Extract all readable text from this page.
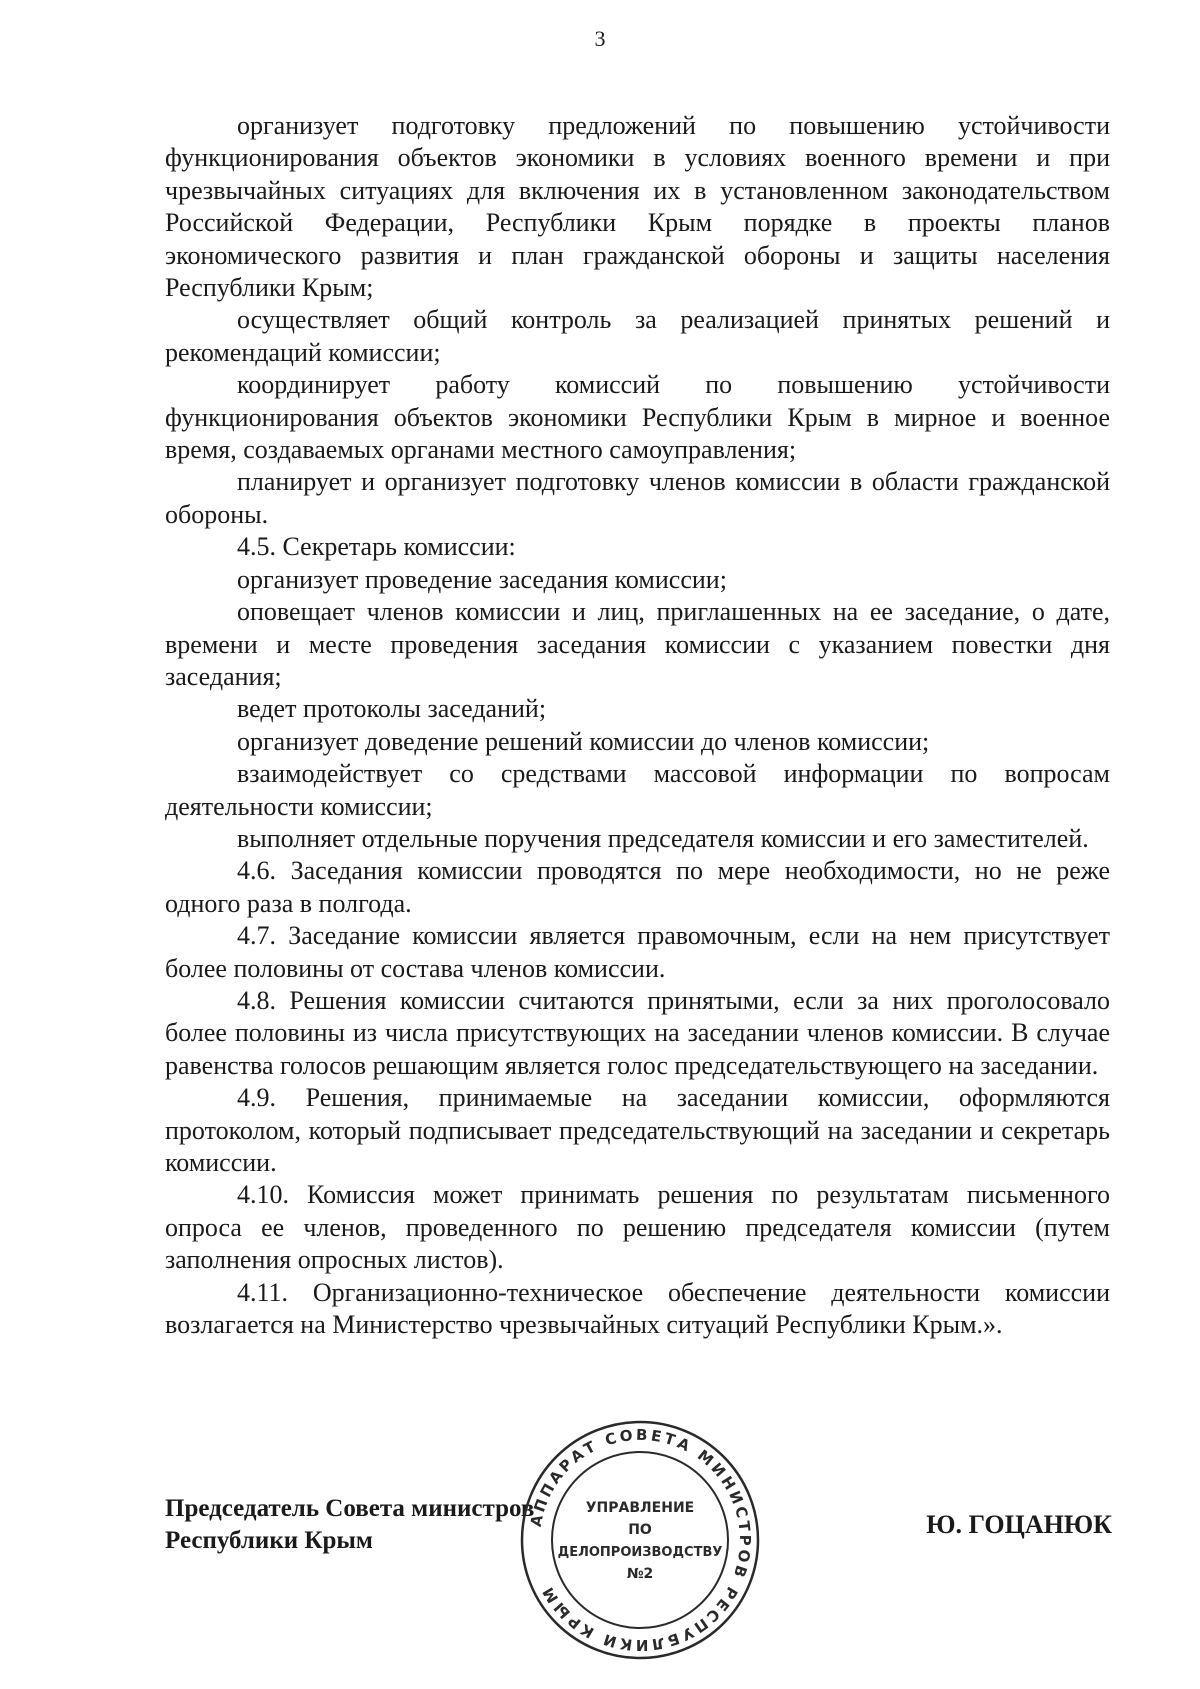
3

организует подготовку предложений по повышению устойчивости функционирования объектов экономики в условиях военного времени и при чрезвычайных ситуациях для включения их в установленном законодательством Российской Федерации, Республики Крым порядке в проекты планов экономического развития и план гражданской обороны и защиты населения Республики Крым;

осуществляет общий контроль за реализацией принятых решений и рекомендаций комиссии;

координирует работу комиссий по повышению устойчивости функционирования объектов экономики Республики Крым в мирное и военное время, создаваемых органами местного самоуправления;

планирует и организует подготовку членов комиссии в области гражданской обороны.

4.5. Секретарь комиссии:

организует проведение заседания комиссии;

оповещает членов комиссии и лиц, приглашенных на ее заседание, о дате, времени и месте проведения заседания комиссии с указанием повестки дня заседания;

ведет протоколы заседаний;

организует доведение решений комиссии до членов комиссии;

взаимодействует со средствами массовой информации по вопросам деятельности комиссии;

выполняет отдельные поручения председателя комиссии и его заместителей.

4.6. Заседания комиссии проводятся по мере необходимости, но не реже одного раза в полгода.

4.7. Заседание комиссии является правомочным, если на нем присутствует более половины от состава членов комиссии.

4.8. Решения комиссии считаются принятыми, если за них проголосовало более половины из числа присутствующих на заседании членов комиссии. В случае равенства голосов решающим является голос председательствующего на заседании.

4.9. Решения, принимаемые на заседании комиссии, оформляются протоколом, который подписывает председательствующий на заседании и секретарь комиссии.

4.10. Комиссия может принимать решения по результатам письменного опроса ее членов, проведенного по решению председателя комиссии (путем заполнения опросных листов).

4.11. Организационно-техническое обеспечение деятельности комиссии возлагается на Министерство чрезвычайных ситуаций Республики Крым.».

Председатель Совета министров
Республики Крым
Ю. ГОЦАНЮК
АППАРАТ СОВЕТА МИНИСТРОВ РЕСПУБЛИКИ КРЫМ
УПРАВЛЕНИЕ
ПО
ДЕЛОПРОИЗВОДСТВУ
№2
